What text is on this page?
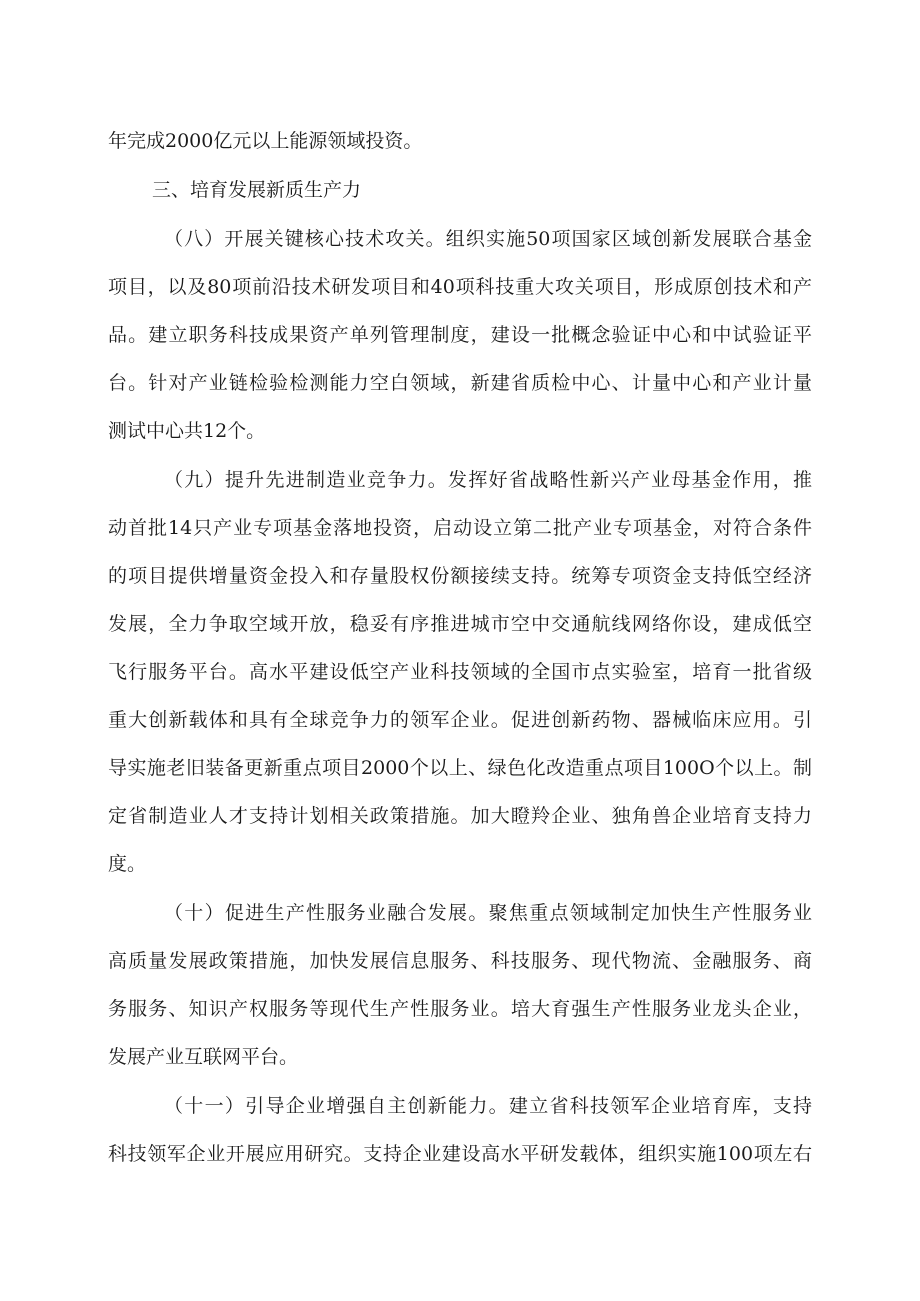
年完成2000亿元以上能源领域投资。
三、培育发展新质生产力
（八）开展关键核心技术攻关。组织实施50项国家区域创新发展联合基金
项目，以及80项前沿技术研发项目和40项科技重大攻关项目，形成原创技术和产
品。建立职务科技成果资产单列管理制度，建设一批概念验证中心和中试验证平
台。针对产业链检验检测能力空白领域，新建省质检中心、计量中心和产业计量
测试中心共12个。
（九）提升先进制造业竞争力。发挥好省战略性新兴产业母基金作用，推
动首批14只产业专项基金落地投资，启动设立第二批产业专项基金，对符合条件
的项目提供增量资金投入和存量股权份额接续支持。统筹专项资金支持低空经济
发展，全力争取空域开放，稳妥有序推进城市空中交通航线网络你设，建成低空
飞行服务平台。高水平建设低空产业科技领域的全国市点实验室，培育一批省级
重大创新载体和具有全球竞争力的领军企业。促进创新药物、器械临床应用。引
导实施老旧装备更新重点项目2000个以上、绿色化改造重点项目100O个以上。制
定省制造业人才支持计划相关政策措施。加大瞪羚企业、独角兽企业培育支持力
度。
（十）促进生产性服务业融合发展。聚焦重点领域制定加快生产性服务业
高质量发展政策措施，加快发展信息服务、科技服务、现代物流、金融服务、商
务服务、知识产权服务等现代生产性服务业。培大育强生产性服务业龙头企业，
发展产业互联网平台。
（十一）引导企业增强自主创新能力。建立省科技领军企业培育库，支持
科技领军企业开展应用研究。支持企业建设高水平研发载体，组织实施100项左右
